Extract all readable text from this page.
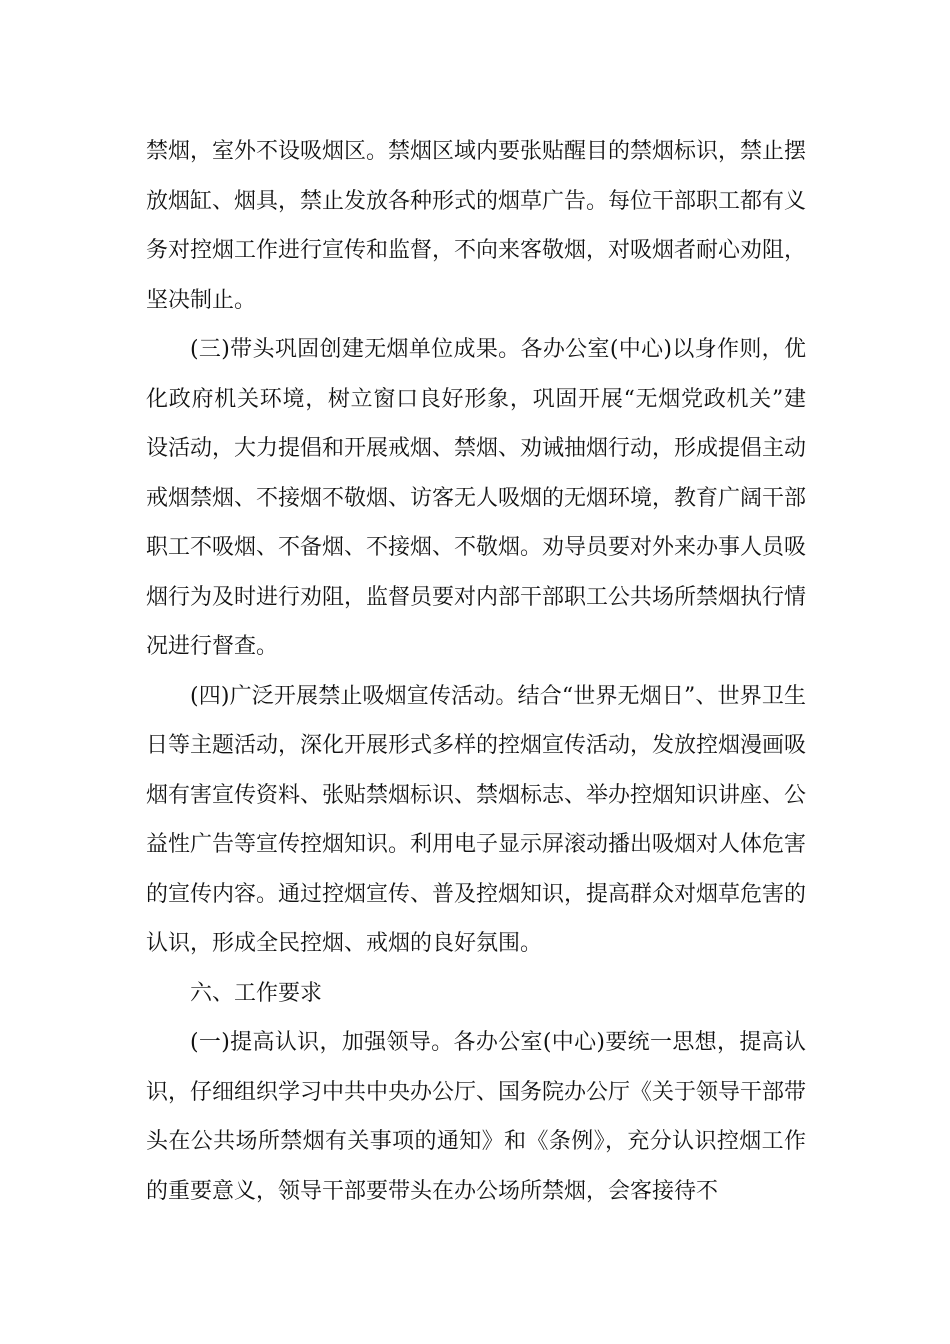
禁烟，室外不设吸烟区。禁烟区域内要张贴醒目的禁烟标识，禁止摆放烟缸、烟具，禁止发放各种形式的烟草广告。每位干部职工都有义务对控烟工作进行宣传和监督，不向来客敬烟，对吸烟者耐心劝阻，坚决制止。

(三)带头巩固创建无烟单位成果。各办公室(中心)以身作则，优化政府机关环境，树立窗口良好形象，巩固开展“无烟党政机关”建设活动，大力提倡和开展戒烟、禁烟、劝诫抽烟行动，形成提倡主动戒烟禁烟、不接烟不敬烟、访客无人吸烟的无烟环境，教育广阔干部职工不吸烟、不备烟、不接烟、不敬烟。劝导员要对外来办事人员吸烟行为及时进行劝阻，监督员要对内部干部职工公共场所禁烟执行情况进行督查。

(四)广泛开展禁止吸烟宣传活动。结合“世界无烟日”、世界卫生日等主题活动，深化开展形式多样的控烟宣传活动，发放控烟漫画吸烟有害宣传资料、张贴禁烟标识、禁烟标志、举办控烟知识讲座、公益性广告等宣传控烟知识。利用电子显示屏滚动播出吸烟对人体危害的宣传内容。通过控烟宣传、普及控烟知识，提高群众对烟草危害的认识，形成全民控烟、戒烟的良好氛围。

六、工作要求

(一)提高认识，加强领导。各办公室(中心)要统一思想，提高认识，仔细组织学习中共中央办公厅、国务院办公厅《关于领导干部带头在公共场所禁烟有关事项的通知》和《条例》，充分认识控烟工作的重要意义，领导干部要带头在办公场所禁烟，会客接待不
